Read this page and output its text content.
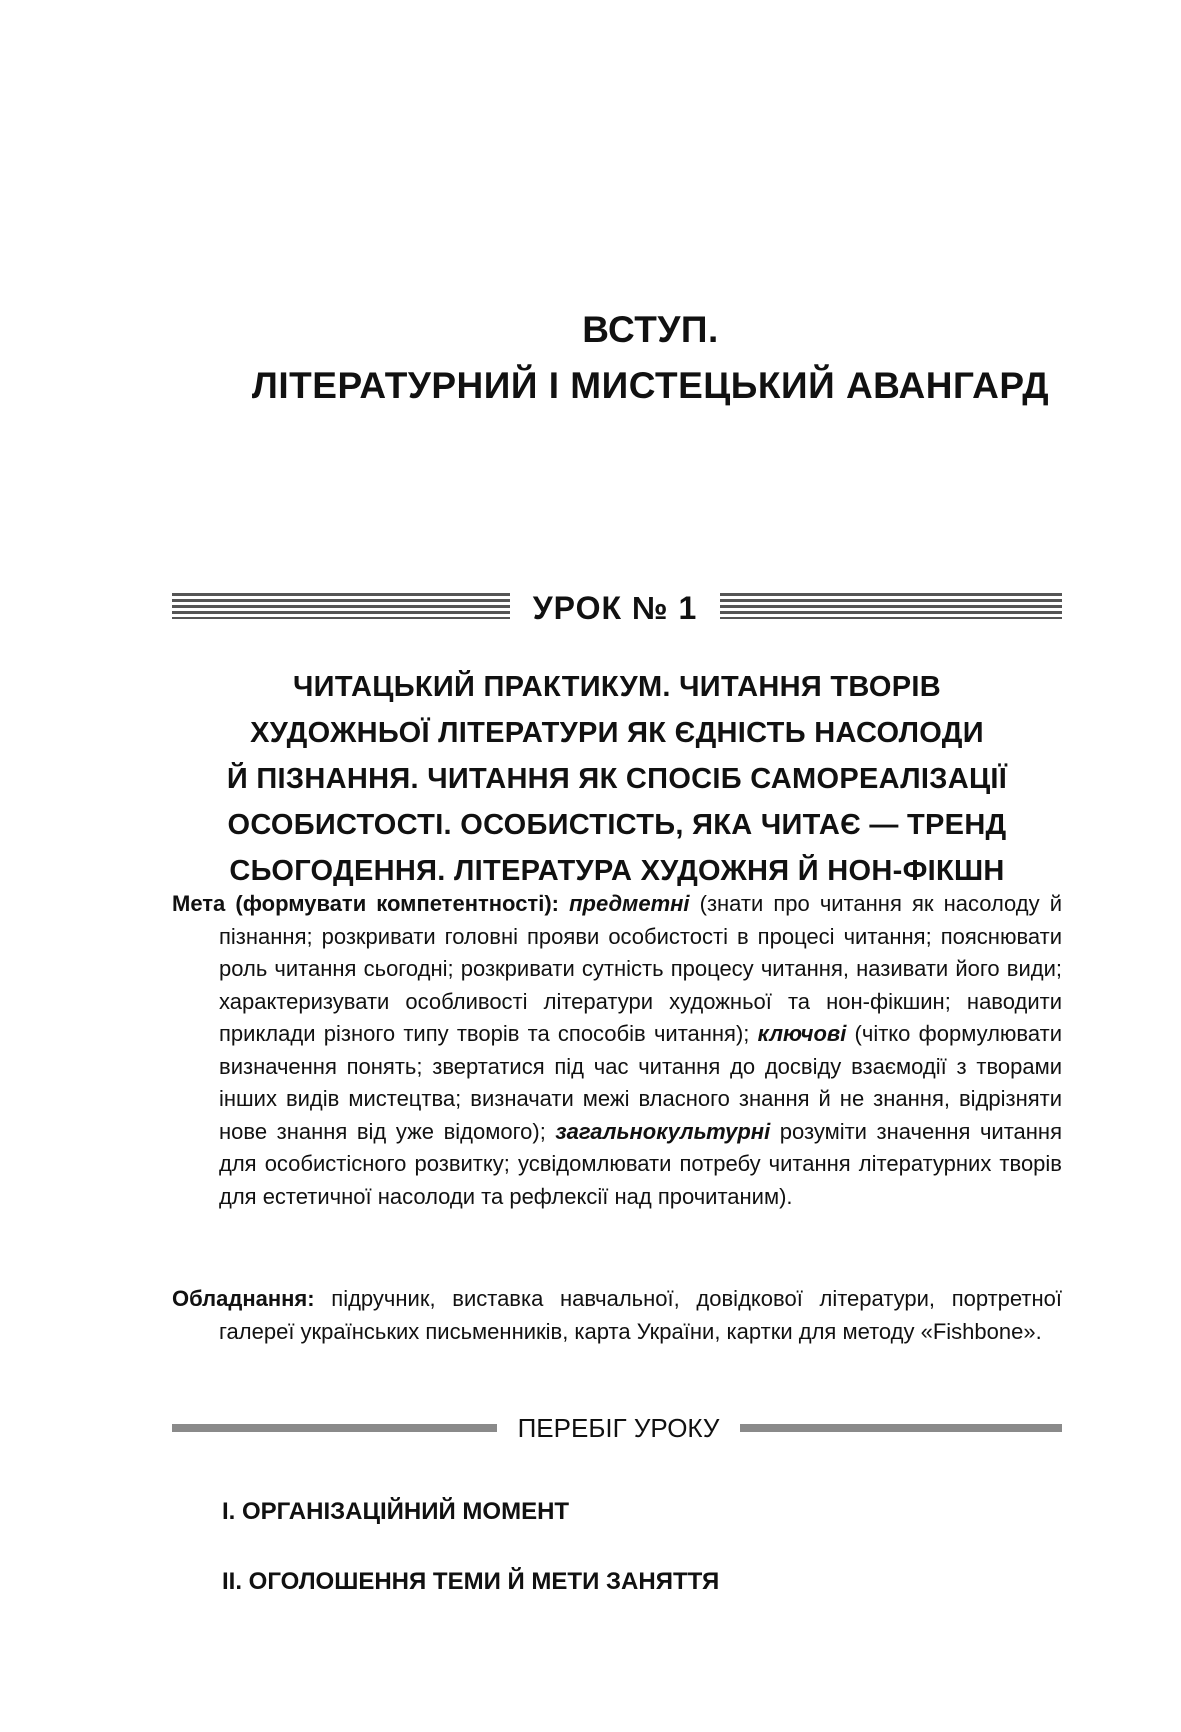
ВСТУП.
ЛІТЕРАТУРНИЙ І МИСТЕЦЬКИЙ АВАНГАРД
УРОК № 1
ЧИТАЦЬКИЙ ПРАКТИКУМ. ЧИТАННЯ ТВОРІВ
ХУДОЖНЬОЇ ЛІТЕРАТУРИ ЯК ЄДНІСТЬ НАСОЛОДИ
Й ПІЗНАННЯ. ЧИТАННЯ ЯК СПОСІБ САМОРЕАЛІЗАЦІЇ
ОСОБИСТОСТІ. ОСОБИСТІСТЬ, ЯКА ЧИТАЄ — ТРЕНД
СЬОГОДЕННЯ. ЛІТЕРАТУРА ХУДОЖНЯ Й НОН-ФІКШН
Мета (формувати компетентності): предметні (знати про читання як насолоду й пізнання; розкривати головні прояви особистості в процесі читання; пояснювати роль читання сьогодні; розкривати сутність процесу читання, називати його види; характеризувати особливості літератури художньої та нон-фікшин; наводити приклади різного типу творів та способів читання); ключові (чітко формулювати визначення понять; звертатися під час читання до досвіду взаємодії з творами інших видів мистецтва; визначати межі власного знання й не знання, відрізняти нове знання від уже відомого); загальнокультурні розуміти значення читання для особистісного розвитку; усвідомлювати потребу читання літературних творів для естетичної насолоди та рефлексії над прочитаним).
Обладнання: підручник, виставка навчальної, довідкової літератури, портретної галереї українських письменників, карта України, картки для методу «Fishbone».
ПЕРЕБІГ УРОКУ
І. ОРГАНІЗАЦІЙНИЙ МОМЕНТ
ІІ. ОГОЛОШЕННЯ ТЕМИ Й МЕТИ ЗАНЯТТЯ
